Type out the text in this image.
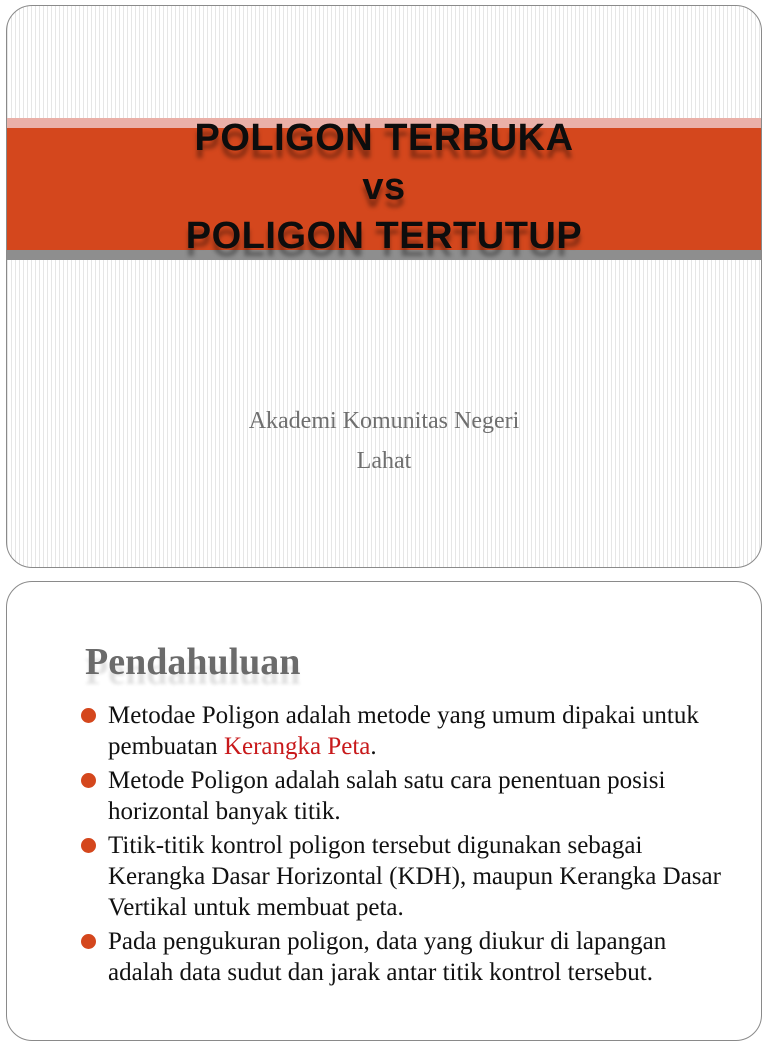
POLIGON TERBUKA
vs
POLIGON TERTUTUP
Akademi Komunitas Negeri
Lahat
Pendahuluan
Metodae Poligon adalah metode yang umum dipakai untuk pembuatan Kerangka Peta.
Metode Poligon adalah salah satu cara penentuan posisi horizontal banyak titik.
Titik-titik kontrol poligon tersebut digunakan sebagai Kerangka Dasar Horizontal (KDH), maupun Kerangka Dasar Vertikal untuk membuat peta.
Pada pengukuran poligon, data yang diukur di lapangan adalah data sudut dan jarak antar titik kontrol tersebut.
